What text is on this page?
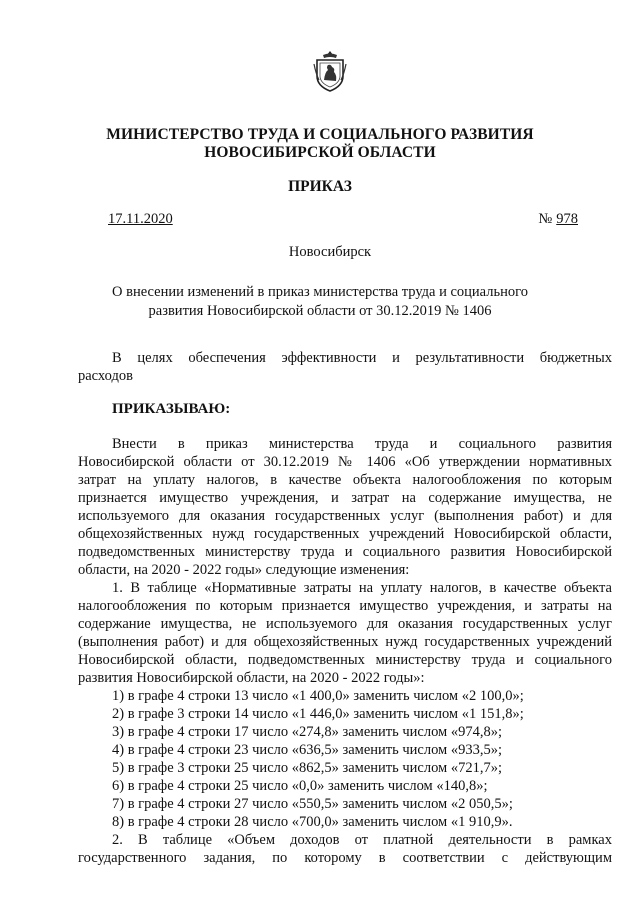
МИНИСТЕРСТВО ТРУДА И СОЦИАЛЬНОГО РАЗВИТИЯ
НОВОСИБИРСКОЙ ОБЛАСТИ
ПРИКАЗ
17.11.2020	№ 978
Новосибирск
О внесении изменений в приказ министерства труда и социального
развития Новосибирской области от 30.12.2019 № 1406
В целях обеспечения эффективности и результативности бюджетных
расходов
ПРИКАЗЫВАЮ:
Внести в приказ министерства труда и социального развития
Новосибирской области от 30.12.2019 № 1406 «Об утверждении нормативных
затрат на уплату налогов, в качестве объекта налогообложения по которым
признается имущество учреждения, и затрат на содержание имущества, не
используемого для оказания государственных услуг (выполнения работ) и для
общехозяйственных нужд государственных учреждений Новосибирской области,
подведомственных министерству труда и социального развития Новосибирской
области, на 2020 - 2022 годы» следующие изменения:
1. В таблице «Нормативные затраты на уплату налогов, в качестве объекта
налогообложения по которым признается имущество учреждения, и затраты на
содержание имущества, не используемого для оказания государственных услуг
(выполнения работ) и для общехозяйственных нужд государственных учреждений
Новосибирской области, подведомственных министерству труда и социального
развития Новосибирской области, на 2020 - 2022 годы»:
1) в графе 4 строки 13 число «1 400,0» заменить числом «2 100,0»;
2) в графе 3 строки 14 число «1 446,0» заменить числом «1 151,8»;
3) в графе 4 строки 17 число «274,8» заменить числом «974,8»;
4) в графе 4 строки 23 число «636,5» заменить числом «933,5»;
5) в графе 3 строки 25 число «862,5» заменить числом «721,7»;
6) в графе 4 строки 25 число «0,0» заменить числом «140,8»;
7) в графе 4 строки 27 число «550,5» заменить числом «2 050,5»;
8) в графе 4 строки 28 число «700,0» заменить числом «1 910,9».
2. В таблице «Объем доходов от платной деятельности в рамках
государственного задания, по которому в соответствии с действующим
